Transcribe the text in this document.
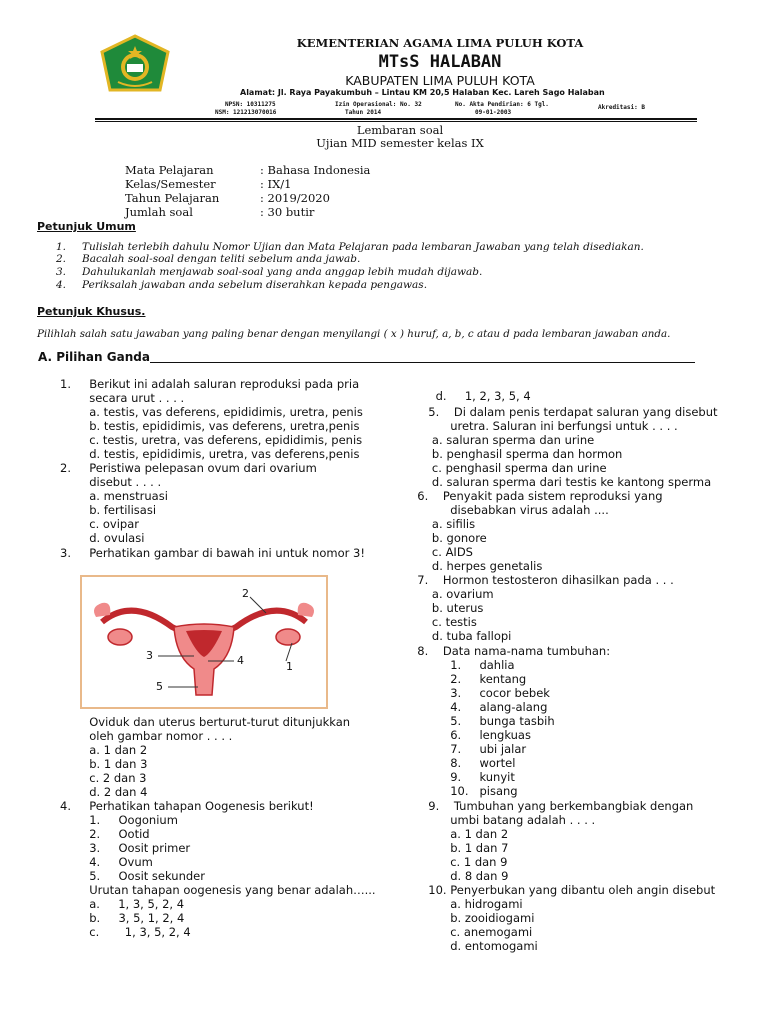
KEMENTERIAN AGAMA LIMA PULUH KOTA
MTsS HALABAN
KABUPATEN LIMA PULUH KOTA
Alamat: Jl. Raya Payakumbuh – Lintau KM 20,5 Halaban Kec. Lareh Sago Halaban
NPSN: 10311275
NSM: 121213070016
Izin Operasional: No. 32
Tahun 2014
No. Akta Pendirian: 6 Tgl.
09-01-2003
Akreditasi: B
Lembaran soal
Ujian MID semester kelas IX
Mata Pelajaran	: Bahasa Indonesia
Kelas/Semester	: IX/1
Tahun Pelajaran	: 2019/2020
Jumlah soal	: 30 butir
Petunjuk Umum
1. Tulislah terlebih dahulu Nomor Ujian dan Mata Pelajaran pada lembaran Jawaban yang telah disediakan.
2. Bacalah soal-soal dengan teliti sebelum anda jawab.
3. Dahulukanlah menjawab soal-soal yang anda anggap lebih mudah dijawab.
4. Periksalah jawaban anda sebelum diserahkan kepada pengawas.
Petunjuk Khusus.
Pilihlah salah satu jawaban yang paling benar dengan menyilangi ( x ) huruf, a, b, c atau d pada lembaran jawaban anda.
A. Pilihan Ganda
1.     Berikut ini adalah saluran reproduksi pada pria
secara urut . . . .
a. testis, vas deferens, epididimis, uretra, penis
b. testis, epididimis, vas deferens, uretra,penis
c. testis, uretra, vas deferens, epididimis, penis
d. testis, epididimis, uretra, vas deferens,penis
2.     Peristiwa pelepasan ovum dari ovarium
disebut . . . .
a. menstruasi
b. fertilisasi
c. ovipar
d. ovulasi
3.     Perhatikan gambar di bawah ini untuk nomor 3!
2
3	4
5
1
Oviduk dan uterus berturut-turut ditunjukkan
oleh gambar nomor . . . .
a. 1 dan 2
b. 1 dan 3
c. 2 dan 3
d. 2 dan 4
4.     Perhatikan tahapan Oogenesis berikut!
1.     Oogonium
2.     Ootid
3.     Oosit primer
4.     Ovum
5.     Oosit sekunder
Urutan tahapan oogenesis yang benar adalah…...
a.     1, 3, 5, 2, 4
b.     3, 5, 1, 2, 4
c.       1, 3, 5, 2, 4
d.     1, 2, 3, 5, 4
5.    Di dalam penis terdapat saluran yang disebut
uretra. Saluran ini berfungsi untuk . . . .
a. saluran sperma dan urine
b. penghasil sperma dan hormon
c. penghasil sperma dan urine
d. saluran sperma dari testis ke kantong sperma
6.    Penyakit pada sistem reproduksi yang
disebabkan virus adalah ....
a. sifilis
b. gonore
c. AIDS
d. herpes genetalis
7.    Hormon testosteron dihasilkan pada . . .
a. ovarium
b. uterus
c. testis
d. tuba fallopi
8.    Data nama-nama tumbuhan:
1.     dahlia
2.     kentang
3.     cocor bebek
4.     alang-alang
5.     bunga tasbih
6.     lengkuas
7.     ubi jalar
8.     wortel
9.     kunyit
10.   pisang
9.    Tumbuhan yang berkembangbiak dengan
umbi batang adalah . . . .
a. 1 dan 2
b. 1 dan 7
c. 1 dan 9
d. 8 dan 9
10. Penyerbukan yang dibantu oleh angin disebut
a. hidrogami
b. zooidiogami
c. anemogami
d. entomogami
